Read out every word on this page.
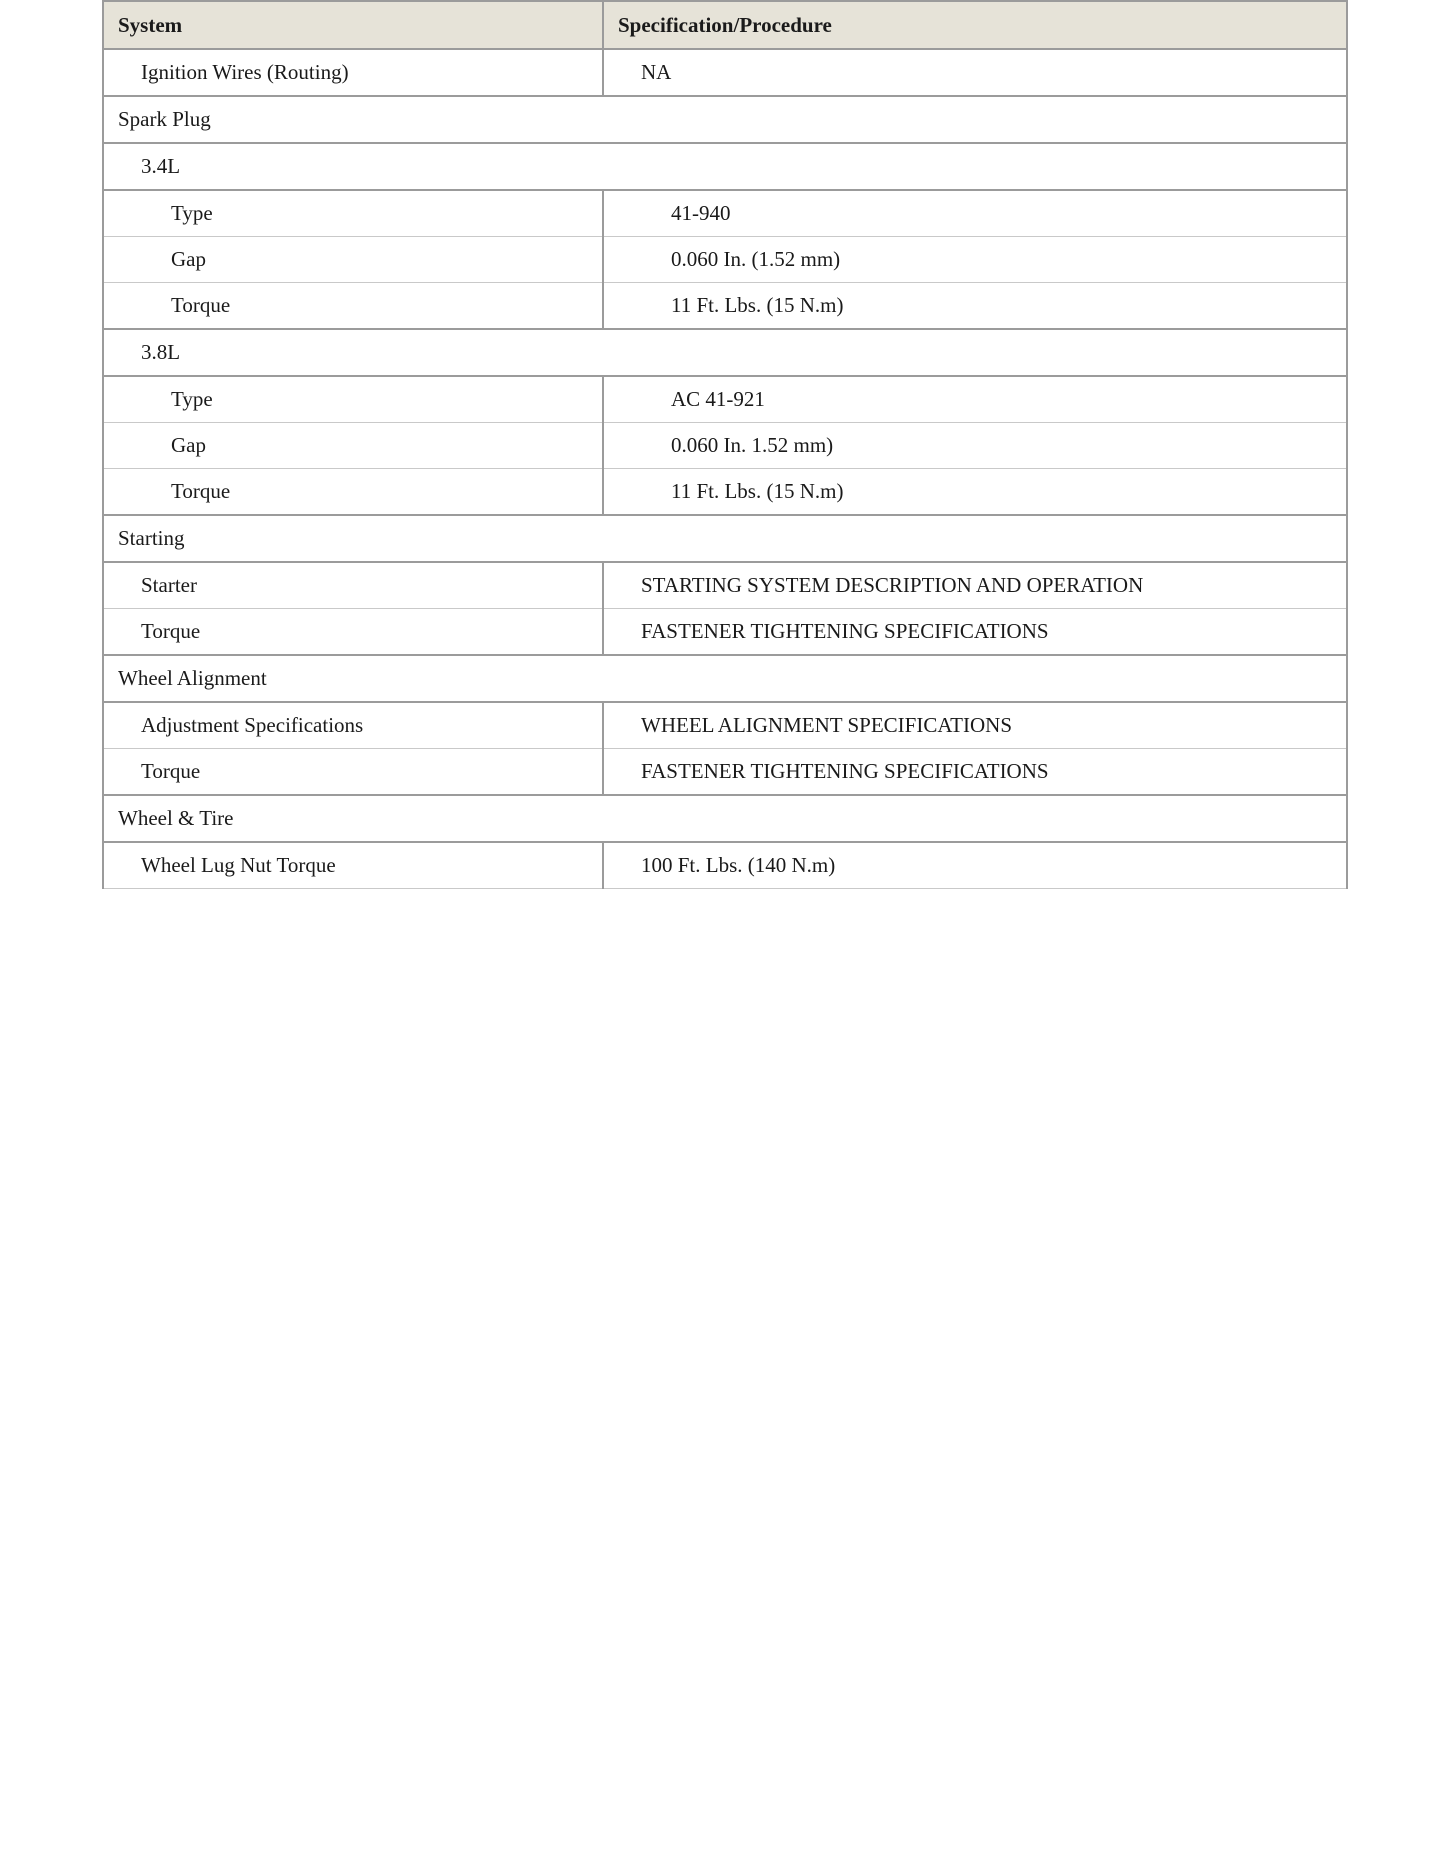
System	Specification/Procedure
Ignition Wires (Routing)	NA
Spark Plug	
3.4L	
Type	41-940
Gap	0.060 In. (1.52 mm)
Torque	11 Ft. Lbs. (15 N.m)
3.8L	
Type	AC 41-921
Gap	0.060 In. 1.52 mm)
Torque	11 Ft. Lbs. (15 N.m)
Starting	
Starter	STARTING SYSTEM DESCRIPTION AND OPERATION
Torque	FASTENER TIGHTENING SPECIFICATIONS
Wheel Alignment	
Adjustment Specifications	WHEEL ALIGNMENT SPECIFICATIONS
Torque	FASTENER TIGHTENING SPECIFICATIONS
Wheel & Tire	
Wheel Lug Nut Torque	100 Ft. Lbs. (140 N.m)
